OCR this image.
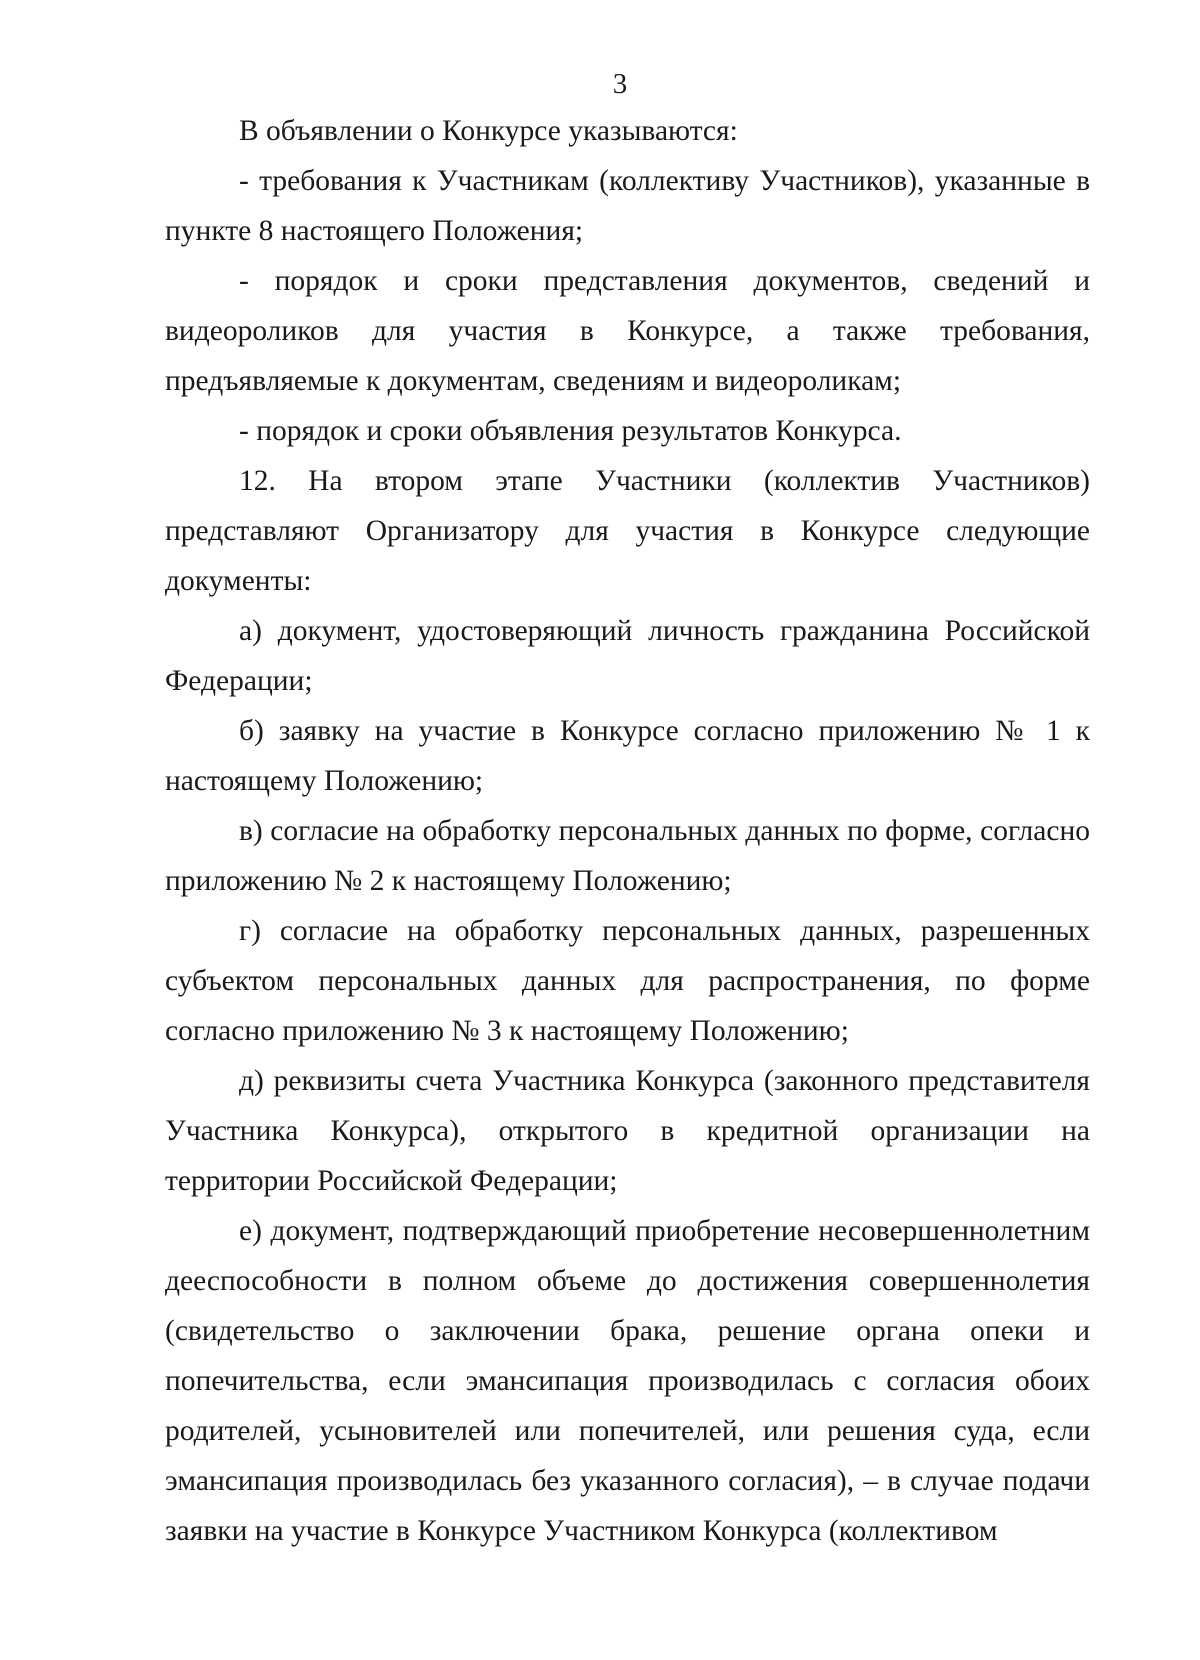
3

В объявлении о Конкурсе указываются:

- требования к Участникам (коллективу Участников), указанные в пункте 8 настоящего Положения;

- порядок и сроки представления документов, сведений и видеороликов для участия в Конкурсе, а также требования, предъявляемые к документам, сведениям и видеороликам;

- порядок и сроки объявления результатов Конкурса.

12. На втором этапе Участники (коллектив Участников) представляют Организатору для участия в Конкурсе следующие документы:

а) документ, удостоверяющий личность гражданина Российской Федерации;

б) заявку на участие в Конкурсе согласно приложению № 1 к настоящему Положению;

в) согласие на обработку персональных данных по форме, согласно приложению № 2 к настоящему Положению;

г) согласие на обработку персональных данных, разрешенных субъектом персональных данных для распространения, по форме согласно приложению № 3 к настоящему Положению;

д) реквизиты счета Участника Конкурса (законного представителя Участника Конкурса), открытого в кредитной организации на территории Российской Федерации;

е) документ, подтверждающий приобретение несовершеннолетним дееспособности в полном объеме до достижения совершеннолетия (свидетельство о заключении брака, решение органа опеки и попечительства, если эмансипация производилась с согласия обоих родителей, усыновителей или попечителей, или решения суда, если эмансипация производилась без указанного согласия), – в случае подачи заявки на участие в Конкурсе Участником Конкурса (коллективом
